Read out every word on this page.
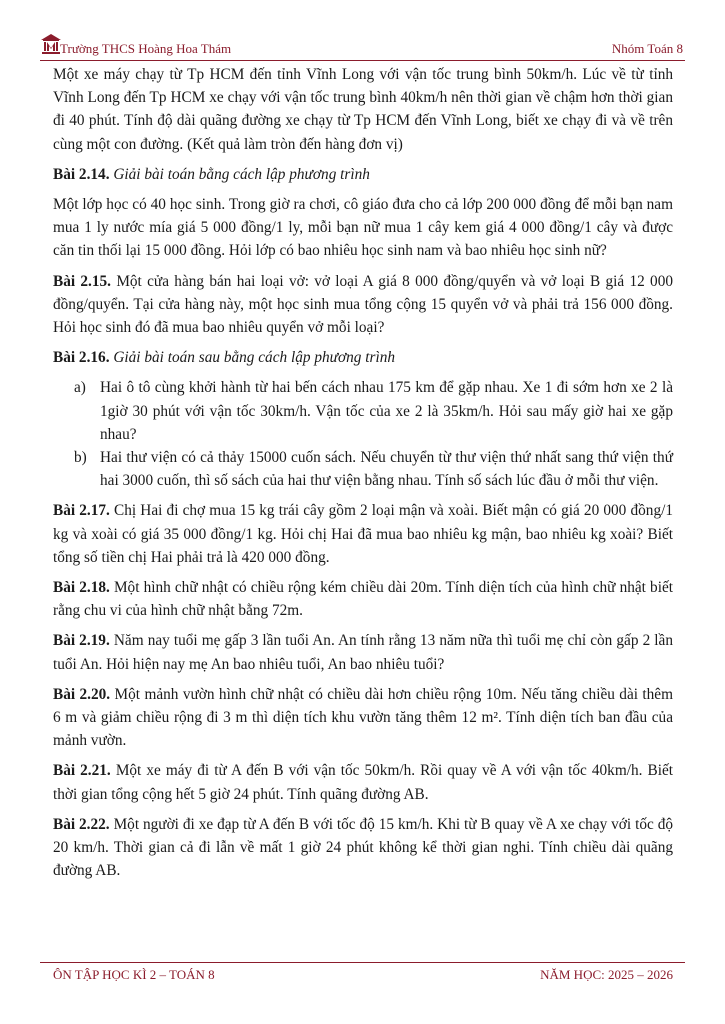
Trường THCS Hoàng Hoa Thám	Nhóm Toán 8

Một xe máy chạy từ Tp HCM đến tỉnh Vĩnh Long với vận tốc trung bình 50km/h. Lúc về từ tỉnh Vĩnh Long đến Tp HCM xe chạy với vận tốc trung bình 40km/h nên thời gian về chậm hơn thời gian đi 40 phút. Tính độ dài quãng đường xe chạy từ Tp HCM đến Vĩnh Long, biết xe chạy đi và về trên cùng một con đường. (Kết quả làm tròn đến hàng đơn vị)

Bài 2.14. Giải bài toán bằng cách lập phương trình

Một lớp học có 40 học sinh. Trong giờ ra chơi, cô giáo đưa cho cả lớp 200 000 đồng để mỗi bạn nam mua 1 ly nước mía giá 5 000 đồng/1 ly, mỗi bạn nữ mua 1 cây kem giá 4 000 đồng/1 cây và được căn tin thối lại 15 000 đồng. Hỏi lớp có bao nhiêu học sinh nam và bao nhiêu học sinh nữ?

Bài 2.15. Một cửa hàng bán hai loại vở: vở loại A giá 8 000 đồng/quyển và vở loại B giá 12 000 đồng/quyển. Tại cửa hàng này, một học sinh mua tổng cộng 15 quyển vở và phải trả 156 000 đồng. Hỏi học sinh đó đã mua bao nhiêu quyển vở mỗi loại?

Bài 2.16. Giải bài toán sau bằng cách lập phương trình

a) Hai ô tô cùng khởi hành từ hai bến cách nhau 175 km để gặp nhau. Xe 1 đi sớm hơn xe 2 là 1giờ 30 phút với vận tốc 30km/h. Vận tốc của xe 2 là 35km/h. Hỏi sau mấy giờ hai xe gặp nhau?

b) Hai thư viện có cả thảy 15000 cuốn sách. Nếu chuyển từ thư viện thứ nhất sang thứ viện thứ hai 3000 cuốn, thì số sách của hai thư viện bằng nhau. Tính số sách lúc đầu ở mỗi thư viện.

Bài 2.17. Chị Hai đi chợ mua 15 kg trái cây gồm 2 loại mận và xoài. Biết mận có giá 20 000 đồng/1 kg và xoài có giá 35 000 đồng/1 kg. Hỏi chị Hai đã mua bao nhiêu kg mận, bao nhiêu kg xoài? Biết tổng số tiền chị Hai phải trả là 420 000 đồng.

Bài 2.18. Một hình chữ nhật có chiều rộng kém chiều dài 20m. Tính diện tích của hình chữ nhật biết rằng chu vi của hình chữ nhật bằng 72m.

Bài 2.19. Năm nay tuổi mẹ gấp 3 lần tuổi An. An tính rằng 13 năm nữa thì tuổi mẹ chỉ còn gấp 2 lần tuổi An. Hỏi hiện nay mẹ An bao nhiêu tuổi, An bao nhiêu tuổi?

Bài 2.20. Một mảnh vườn hình chữ nhật có chiều dài hơn chiều rộng 10m. Nếu tăng chiều dài thêm 6 m và giảm chiều rộng đi 3 m thì diện tích khu vườn tăng thêm 12 m². Tính diện tích ban đầu của mảnh vườn.

Bài 2.21. Một xe máy đi từ A đến B với vận tốc 50km/h. Rồi quay về A với vận tốc 40km/h. Biết thời gian tổng cộng hết 5 giờ 24 phút. Tính quãng đường AB.

Bài 2.22. Một người đi xe đạp từ A đến B với tốc độ 15 km/h. Khi từ B quay về A xe chạy với tốc độ 20 km/h. Thời gian cả đi lẫn về mất 1 giờ 24 phút không kể thời gian nghi. Tính chiều dài quãng đường AB.

ÔN TẬP HỌC KÌ 2 – TOÁN 8	NĂM HỌC: 2025 – 2026
